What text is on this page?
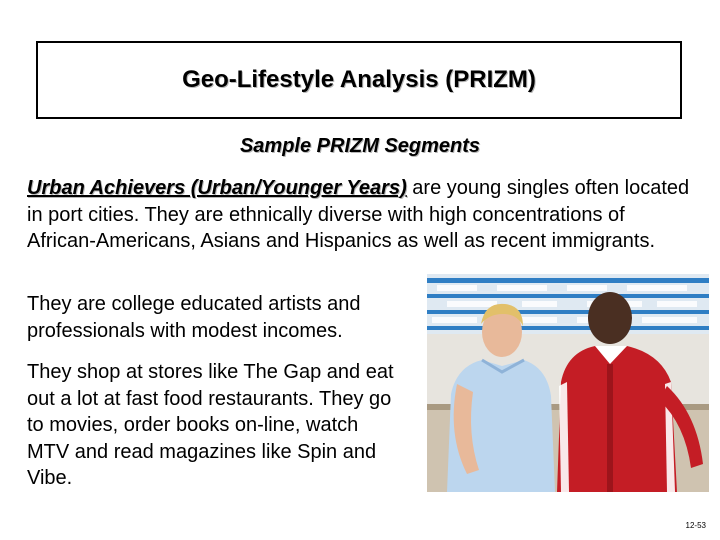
Geo-Lifestyle Analysis (PRIZM)

Sample PRIZM Segments

Urban Achievers (Urban/Younger Years) are young singles often located in port cities. They are ethnically diverse with high concentrations of African-Americans, Asians and Hispanics as well as recent immigrants.

They are college educated artists and professionals with modest incomes.

They shop at stores like The Gap and eat out a lot at fast food restaurants. They go to movies, order books on-line, watch MTV and read magazines like Spin and Vibe.

12-53
